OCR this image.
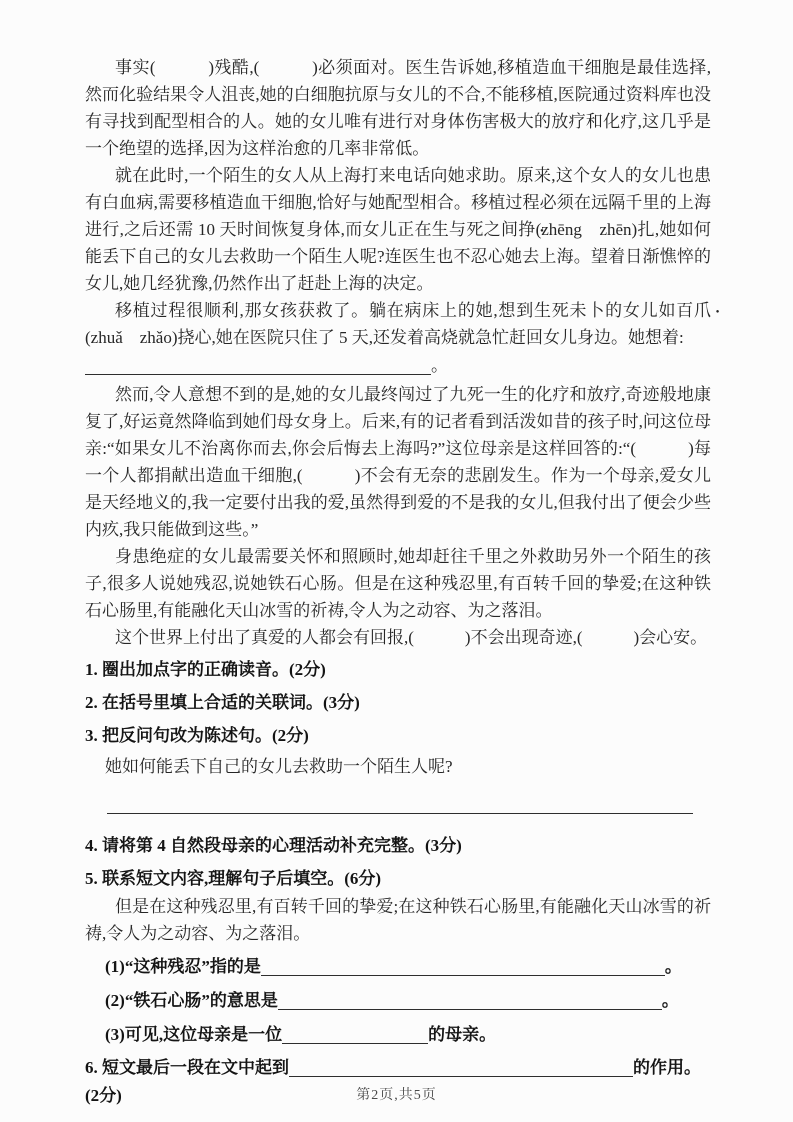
事实(　　　)残酷,(　　　)必须面对。医生告诉她,移植造血干细胞是最佳选择,然而化验结果令人沮丧,她的白细胞抗原与女儿的不合,不能移植,医院通过资料库也没有寻找到配型相合的人。她的女儿唯有进行对身体伤害极大的放疗和化疗,这几乎是一个绝望的选择,因为这样治愈的几率非常低。
就在此时,一个陌生的女人从上海打来电话向她求助。原来,这个女人的女儿也患有白血病,需要移植造血干细胞,恰好与她配型相合。移植过程必须在远隔千里的上海进行,之后还需 10 天时间恢复身体,而女儿正在生与死之间挣 ●(zhēng　zhēn)扎,她如何能丢下自己的女儿去救助一个陌生人呢?连医生也不忍心她去上海。望着日渐憔悴的女儿,她几经犹豫,仍然作出了赶赴上海的决定。
移植过程很顺利,那女孩获救了。躺在病床上的她,想到生死未卜的女儿如百爪 ●(zhuǎ　zhǎo)挠心,她在医院只住了 5 天,还发着高烧就急忙赶回女儿身边。她想着:
。
然而,令人意想不到的是,她的女儿最终闯过了九死一生的化疗和放疗,奇迹般地康复了,好运竟然降临到她们母女身上。后来,有的记者看到活泼如昔的孩子时,问这位母亲:“如果女儿不治离你而去,你会后悔去上海吗?”这位母亲是这样回答的:“(　　　)每一个人都捐献出造血干细胞,(　　　)不会有无奈的悲剧发生。作为一个母亲,爱女儿是天经地义的,我一定要付出我的爱,虽然得到爱的不是我的女儿,但我付出了便会少些内疚,我只能做到这些。”
身患绝症的女儿最需要关怀和照顾时,她却赶往千里之外救助另外一个陌生的孩子,很多人说她残忍,说她铁石心肠。但是在这种残忍里,有百转千回的挚爱;在这种铁石心肠里,有能融化天山冰雪的祈祷,令人为之动容、为之落泪。
这个世界上付出了真爱的人都会有回报,(　　　)不会出现奇迹,(　　　)会心安。
1. 圈出加点字的正确读音。(2分)
2. 在括号里填上合适的关联词。(3分)
3. 把反问句改为陈述句。(2分)
她如何能丢下自己的女儿去救助一个陌生人呢?
4. 请将第 4 自然段母亲的心理活动补充完整。(3分)
5. 联系短文内容,理解句子后填空。(6分)
但是在这种残忍里,有百转千回的挚爱;在这种铁石心肠里,有能融化天山冰雪的祈祷,令人为之动容、为之落泪。
(1)“这种残忍”指的是	。
(2)“铁石心肠”的意思是	。
(3)可见,这位母亲是一位	的母亲。
6. 短文最后一段在文中起到	的作用。(2分)	第2页,共5页
